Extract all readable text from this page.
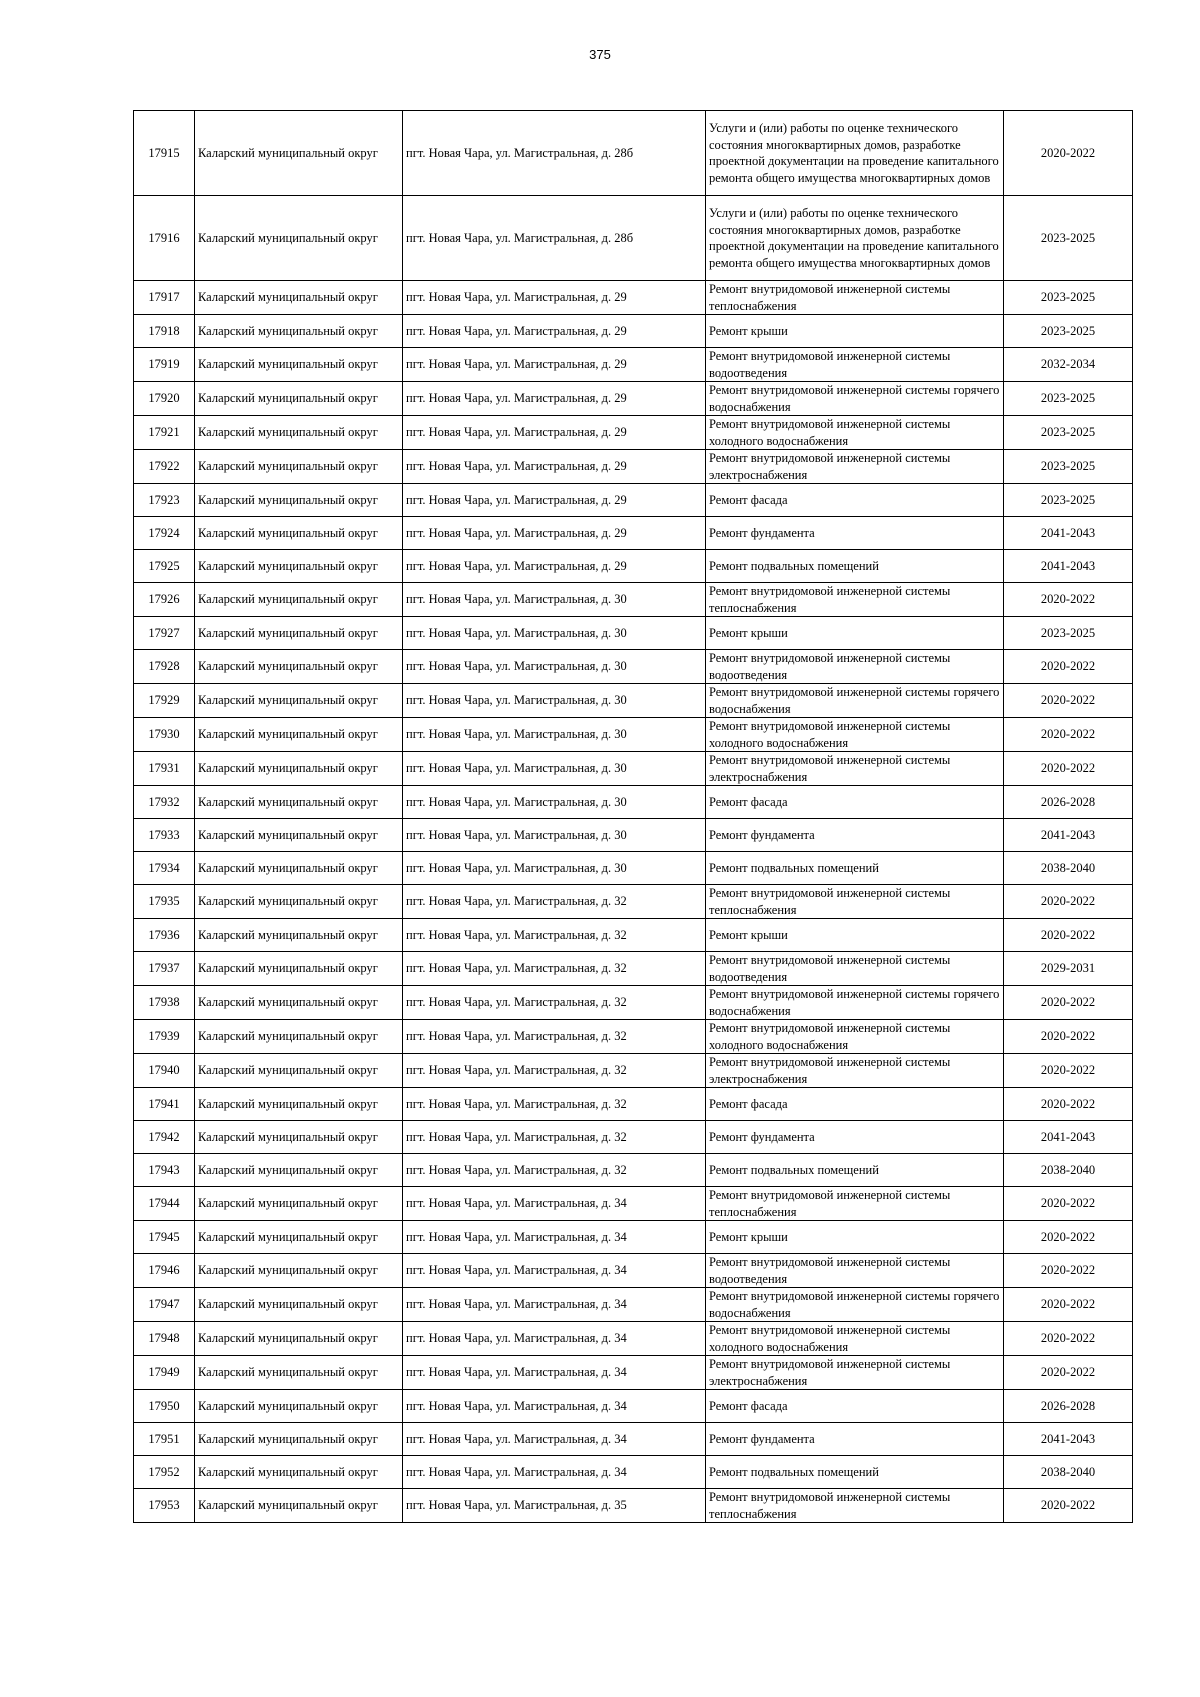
375
17915	Каларский муниципальный округ	пгт. Новая Чара, ул. Магистральная, д. 28б	Услуги и (или) работы по оценке технического состояния многоквартирных домов, разработке проектной документации на проведение капитального ремонта общего имущества многоквартирных домов	2020-2022
17916	Каларский муниципальный округ	пгт. Новая Чара, ул. Магистральная, д. 28б	Услуги и (или) работы по оценке технического состояния многоквартирных домов, разработке проектной документации на проведение капитального ремонта общего имущества многоквартирных домов	2023-2025
17917	Каларский муниципальный округ	пгт. Новая Чара, ул. Магистральная, д. 29	Ремонт внутридомовой инженерной системы теплоснабжения	2023-2025
17918	Каларский муниципальный округ	пгт. Новая Чара, ул. Магистральная, д. 29	Ремонт крыши	2023-2025
17919	Каларский муниципальный округ	пгт. Новая Чара, ул. Магистральная, д. 29	Ремонт внутридомовой инженерной системы водоотведения	2032-2034
17920	Каларский муниципальный округ	пгт. Новая Чара, ул. Магистральная, д. 29	Ремонт внутридомовой инженерной системы горячего водоснабжения	2023-2025
17921	Каларский муниципальный округ	пгт. Новая Чара, ул. Магистральная, д. 29	Ремонт внутридомовой инженерной системы холодного водоснабжения	2023-2025
17922	Каларский муниципальный округ	пгт. Новая Чара, ул. Магистральная, д. 29	Ремонт внутридомовой инженерной системы электроснабжения	2023-2025
17923	Каларский муниципальный округ	пгт. Новая Чара, ул. Магистральная, д. 29	Ремонт фасада	2023-2025
17924	Каларский муниципальный округ	пгт. Новая Чара, ул. Магистральная, д. 29	Ремонт фундамента	2041-2043
17925	Каларский муниципальный округ	пгт. Новая Чара, ул. Магистральная, д. 29	Ремонт подвальных помещений	2041-2043
17926	Каларский муниципальный округ	пгт. Новая Чара, ул. Магистральная, д. 30	Ремонт внутридомовой инженерной системы теплоснабжения	2020-2022
17927	Каларский муниципальный округ	пгт. Новая Чара, ул. Магистральная, д. 30	Ремонт крыши	2023-2025
17928	Каларский муниципальный округ	пгт. Новая Чара, ул. Магистральная, д. 30	Ремонт внутридомовой инженерной системы водоотведения	2020-2022
17929	Каларский муниципальный округ	пгт. Новая Чара, ул. Магистральная, д. 30	Ремонт внутридомовой инженерной системы горячего водоснабжения	2020-2022
17930	Каларский муниципальный округ	пгт. Новая Чара, ул. Магистральная, д. 30	Ремонт внутридомовой инженерной системы холодного водоснабжения	2020-2022
17931	Каларский муниципальный округ	пгт. Новая Чара, ул. Магистральная, д. 30	Ремонт внутридомовой инженерной системы электроснабжения	2020-2022
17932	Каларский муниципальный округ	пгт. Новая Чара, ул. Магистральная, д. 30	Ремонт фасада	2026-2028
17933	Каларский муниципальный округ	пгт. Новая Чара, ул. Магистральная, д. 30	Ремонт фундамента	2041-2043
17934	Каларский муниципальный округ	пгт. Новая Чара, ул. Магистральная, д. 30	Ремонт подвальных помещений	2038-2040
17935	Каларский муниципальный округ	пгт. Новая Чара, ул. Магистральная, д. 32	Ремонт внутридомовой инженерной системы теплоснабжения	2020-2022
17936	Каларский муниципальный округ	пгт. Новая Чара, ул. Магистральная, д. 32	Ремонт крыши	2020-2022
17937	Каларский муниципальный округ	пгт. Новая Чара, ул. Магистральная, д. 32	Ремонт внутридомовой инженерной системы водоотведения	2029-2031
17938	Каларский муниципальный округ	пгт. Новая Чара, ул. Магистральная, д. 32	Ремонт внутридомовой инженерной системы горячего водоснабжения	2020-2022
17939	Каларский муниципальный округ	пгт. Новая Чара, ул. Магистральная, д. 32	Ремонт внутридомовой инженерной системы холодного водоснабжения	2020-2022
17940	Каларский муниципальный округ	пгт. Новая Чара, ул. Магистральная, д. 32	Ремонт внутридомовой инженерной системы электроснабжения	2020-2022
17941	Каларский муниципальный округ	пгт. Новая Чара, ул. Магистральная, д. 32	Ремонт фасада	2020-2022
17942	Каларский муниципальный округ	пгт. Новая Чара, ул. Магистральная, д. 32	Ремонт фундамента	2041-2043
17943	Каларский муниципальный округ	пгт. Новая Чара, ул. Магистральная, д. 32	Ремонт подвальных помещений	2038-2040
17944	Каларский муниципальный округ	пгт. Новая Чара, ул. Магистральная, д. 34	Ремонт внутридомовой инженерной системы теплоснабжения	2020-2022
17945	Каларский муниципальный округ	пгт. Новая Чара, ул. Магистральная, д. 34	Ремонт крыши	2020-2022
17946	Каларский муниципальный округ	пгт. Новая Чара, ул. Магистральная, д. 34	Ремонт внутридомовой инженерной системы водоотведения	2020-2022
17947	Каларский муниципальный округ	пгт. Новая Чара, ул. Магистральная, д. 34	Ремонт внутридомовой инженерной системы горячего водоснабжения	2020-2022
17948	Каларский муниципальный округ	пгт. Новая Чара, ул. Магистральная, д. 34	Ремонт внутридомовой инженерной системы холодного водоснабжения	2020-2022
17949	Каларский муниципальный округ	пгт. Новая Чара, ул. Магистральная, д. 34	Ремонт внутридомовой инженерной системы электроснабжения	2020-2022
17950	Каларский муниципальный округ	пгт. Новая Чара, ул. Магистральная, д. 34	Ремонт фасада	2026-2028
17951	Каларский муниципальный округ	пгт. Новая Чара, ул. Магистральная, д. 34	Ремонт фундамента	2041-2043
17952	Каларский муниципальный округ	пгт. Новая Чара, ул. Магистральная, д. 34	Ремонт подвальных помещений	2038-2040
17953	Каларский муниципальный округ	пгт. Новая Чара, ул. Магистральная, д. 35	Ремонт внутридомовой инженерной системы теплоснабжения	2020-2022
